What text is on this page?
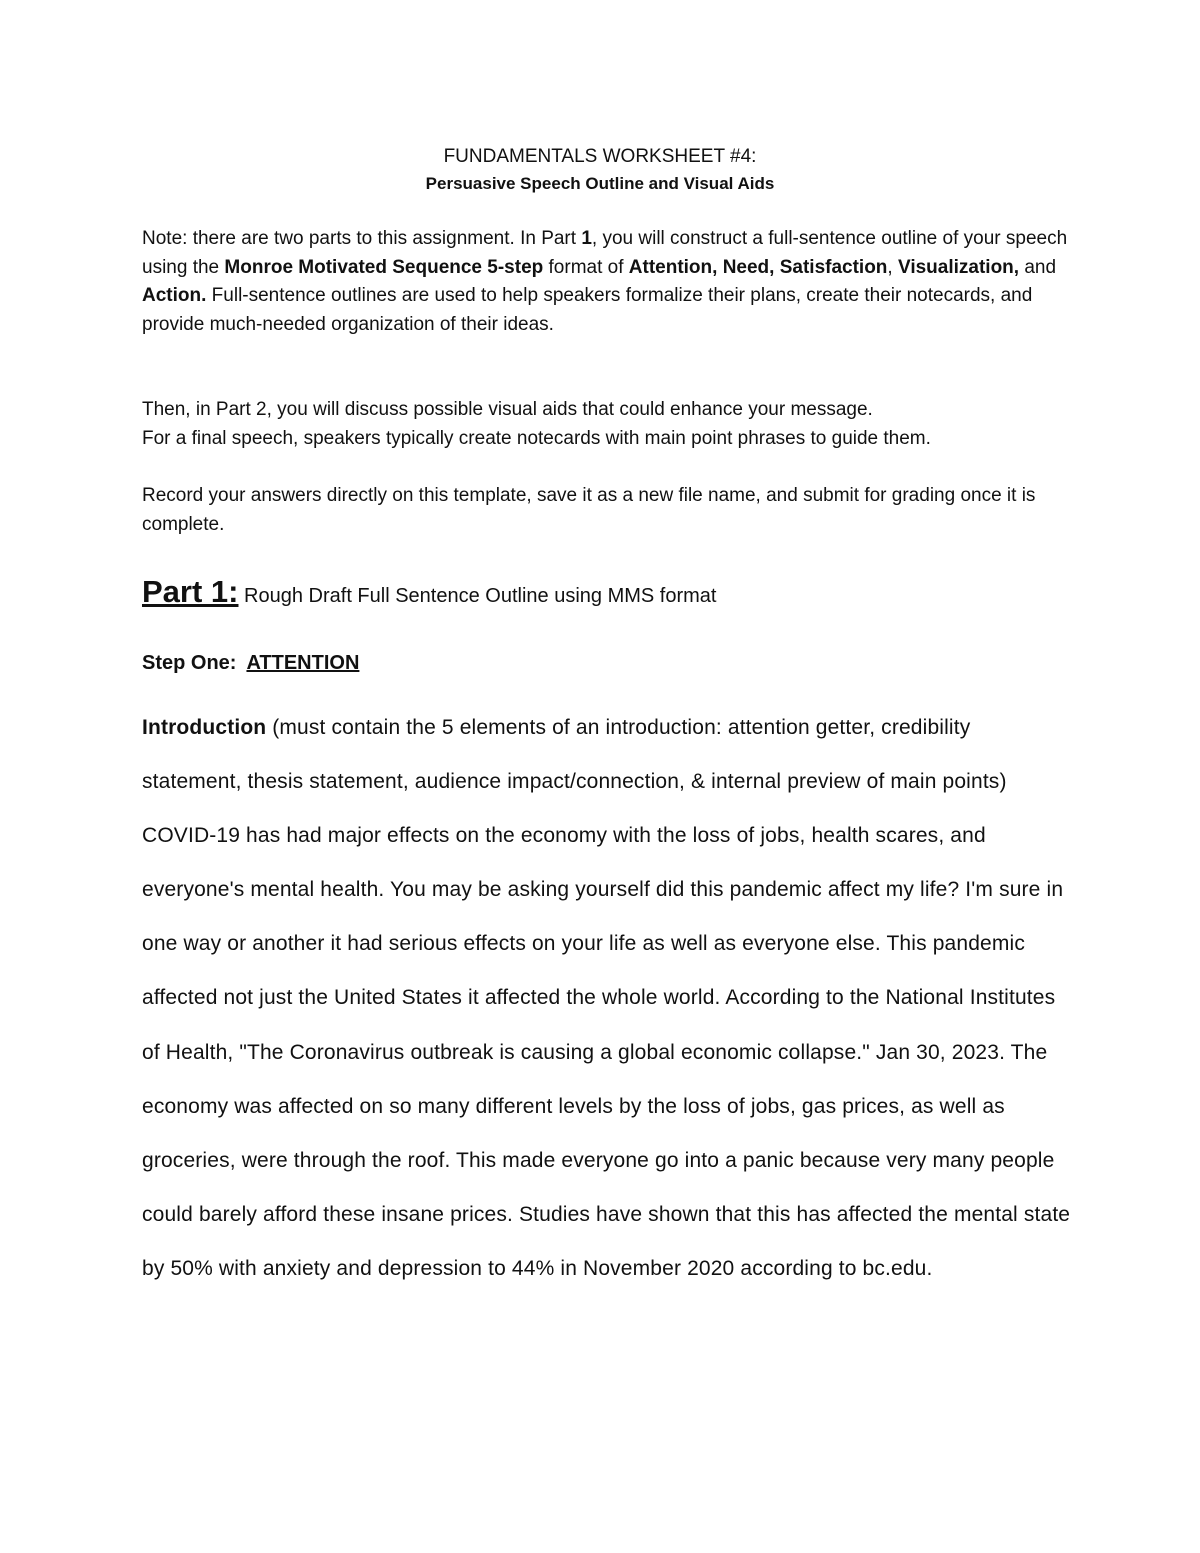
FUNDAMENTALS WORKSHEET #4:
Persuasive Speech Outline and Visual Aids
Note: there are two parts to this assignment. In Part 1, you will construct a full-sentence outline of your speech using the Monroe Motivated Sequence 5-step format of Attention, Need, Satisfaction, Visualization, and Action. Full-sentence outlines are used to help speakers formalize their plans, create their notecards, and provide much-needed organization of their ideas.
Then, in Part 2, you will discuss possible visual aids that could enhance your message.
For a final speech, speakers typically create notecards with main point phrases to guide them.
Record your answers directly on this template, save it as a new file name, and submit for grading once it is complete.
Part 1: Rough Draft Full Sentence Outline using MMS format
Step One: ATTENTION
Introduction (must contain the 5 elements of an introduction: attention getter, credibility statement, thesis statement, audience impact/connection, & internal preview of main points) COVID-19 has had major effects on the economy with the loss of jobs, health scares, and everyone's mental health. You may be asking yourself did this pandemic affect my life? I'm sure in one way or another it had serious effects on your life as well as everyone else. This pandemic affected not just the United States it affected the whole world. According to the National Institutes of Health, "The Coronavirus outbreak is causing a global economic collapse." Jan 30, 2023. The economy was affected on so many different levels by the loss of jobs, gas prices, as well as groceries, were through the roof. This made everyone go into a panic because very many people could barely afford these insane prices. Studies have shown that this has affected the mental state by 50% with anxiety and depression to 44% in November 2020 according to bc.edu.
